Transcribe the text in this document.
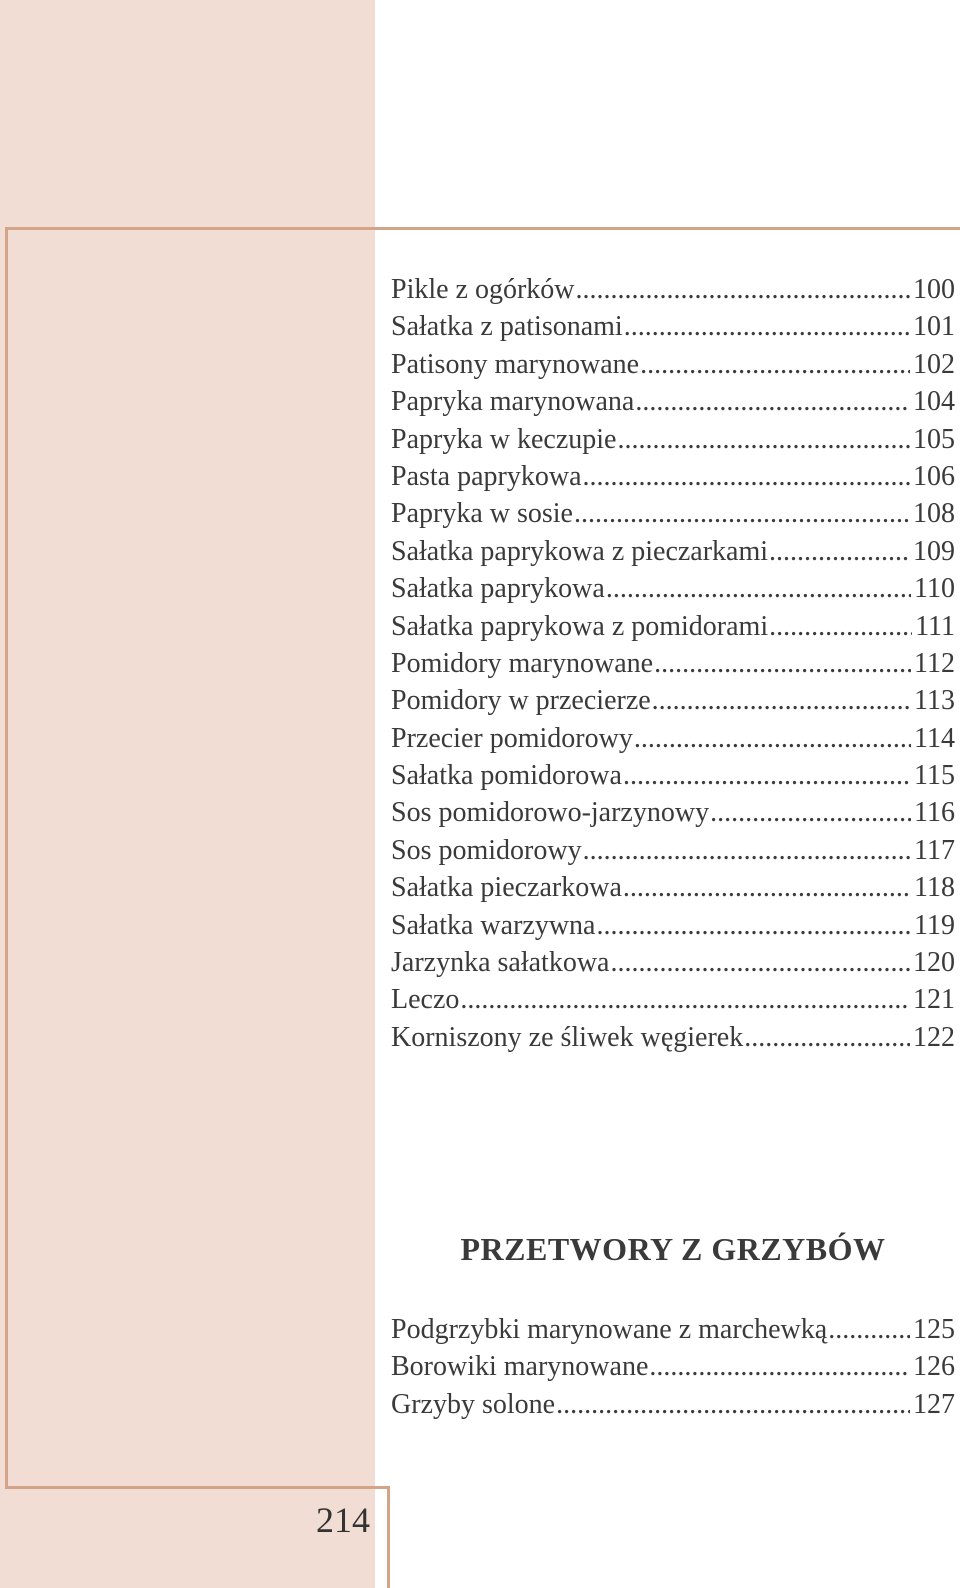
214
Pikle z ogórków .....	100
Sałatka z patisonami .....	101
Patisony marynowane .....	102
Papryka marynowana .....	104
Papryka w keczupie .....	105
Pasta paprykowa .....	106
Papryka w sosie .....	108
Sałatka paprykowa z pieczarkami .....	109
Sałatka paprykowa .....	110
Sałatka paprykowa z pomidorami .....	111
Pomidory marynowane .....	112
Pomidory w przecierze .....	113
Przecier pomidorowy .....	114
Sałatka pomidorowa .....	115
Sos pomidorowo-jarzynowy .....	116
Sos pomidorowy .....	117
Sałatka pieczarkowa .....	118
Sałatka warzywna .....	119
Jarzynka sałatkowa .....	120
Leczo .....	121
Korniszony ze śliwek węgierek .....	122
PRZETWORY Z GRZYBÓW
Podgrzybki marynowane z marchewką .....	125
Borowiki marynowane .....	126
Grzyby solone .....	127
